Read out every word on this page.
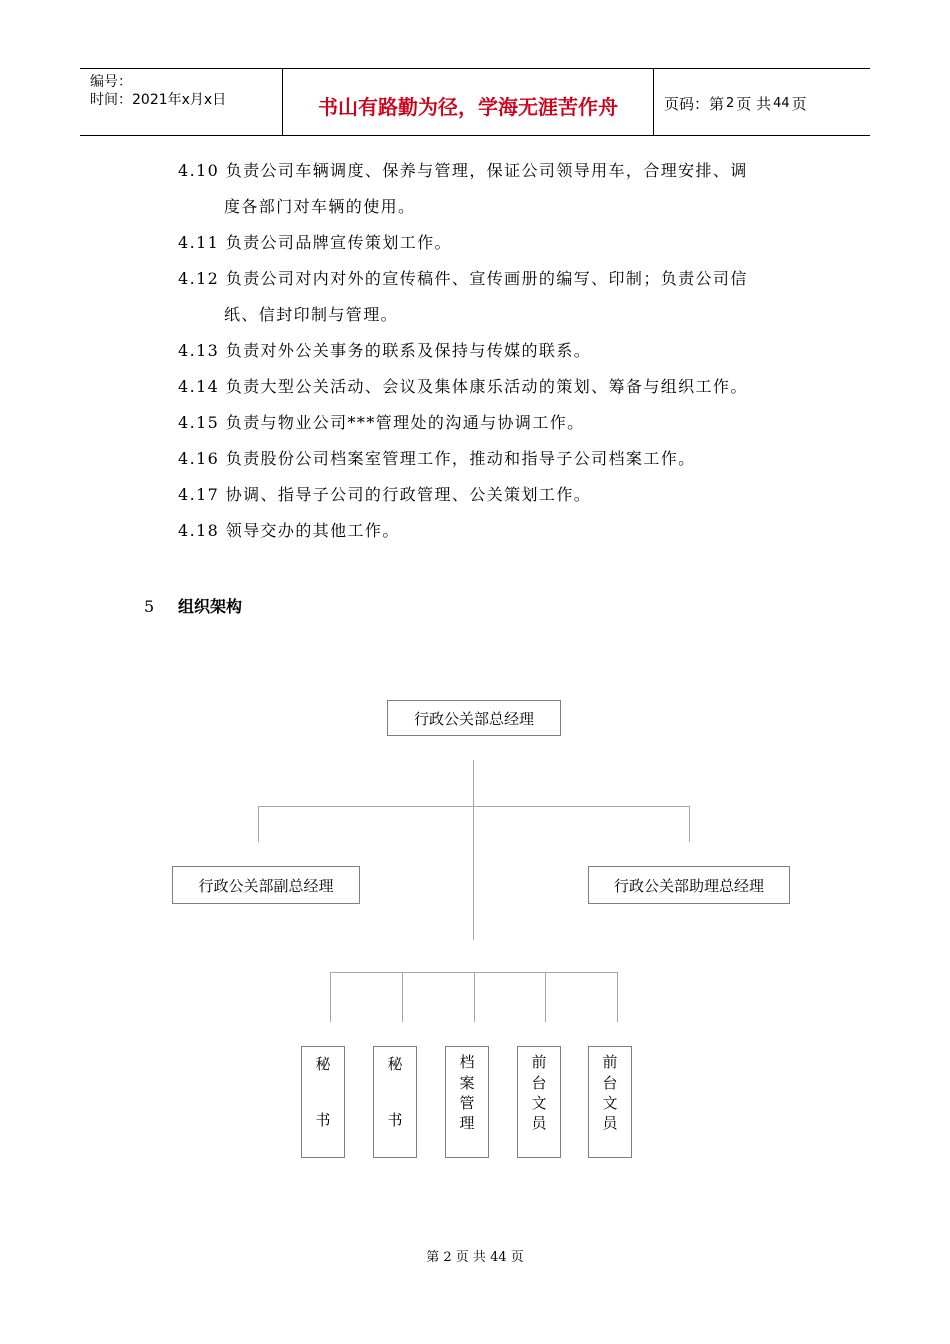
编号：
时间：2021年x月x日	书山有路勤为径，学海无涯苦作舟	页码：第 2 页 共 44 页
4.10 负责公司车辆调度、保养与管理，保证公司领导用车，合理安排、调
度各部门对车辆的使用。
4.11 负责公司品牌宣传策划工作。
4.12 负责公司对内对外的宣传稿件、宣传画册的编写、印制；负责公司信
纸、信封印制与管理。
4.13 负责对外公关事务的联系及保持与传媒的联系。
4.14 负责大型公关活动、会议及集体康乐活动的策划、筹备与组织工作。
4.15 负责与物业公司***管理处的沟通与协调工作。
4.16 负责股份公司档案室管理工作，推动和指导子公司档案工作。
4.17 协调、指导子公司的行政管理、公关策划工作。
4.18 领导交办的其他工作。
5 组织架构
行政公关部总经理
行政公关部副总经理	行政公关部助理总经理
秘
书
秘
书
档
案
管
理
前
台
文
员
前
台
文
员
第 2 页 共 44 页
